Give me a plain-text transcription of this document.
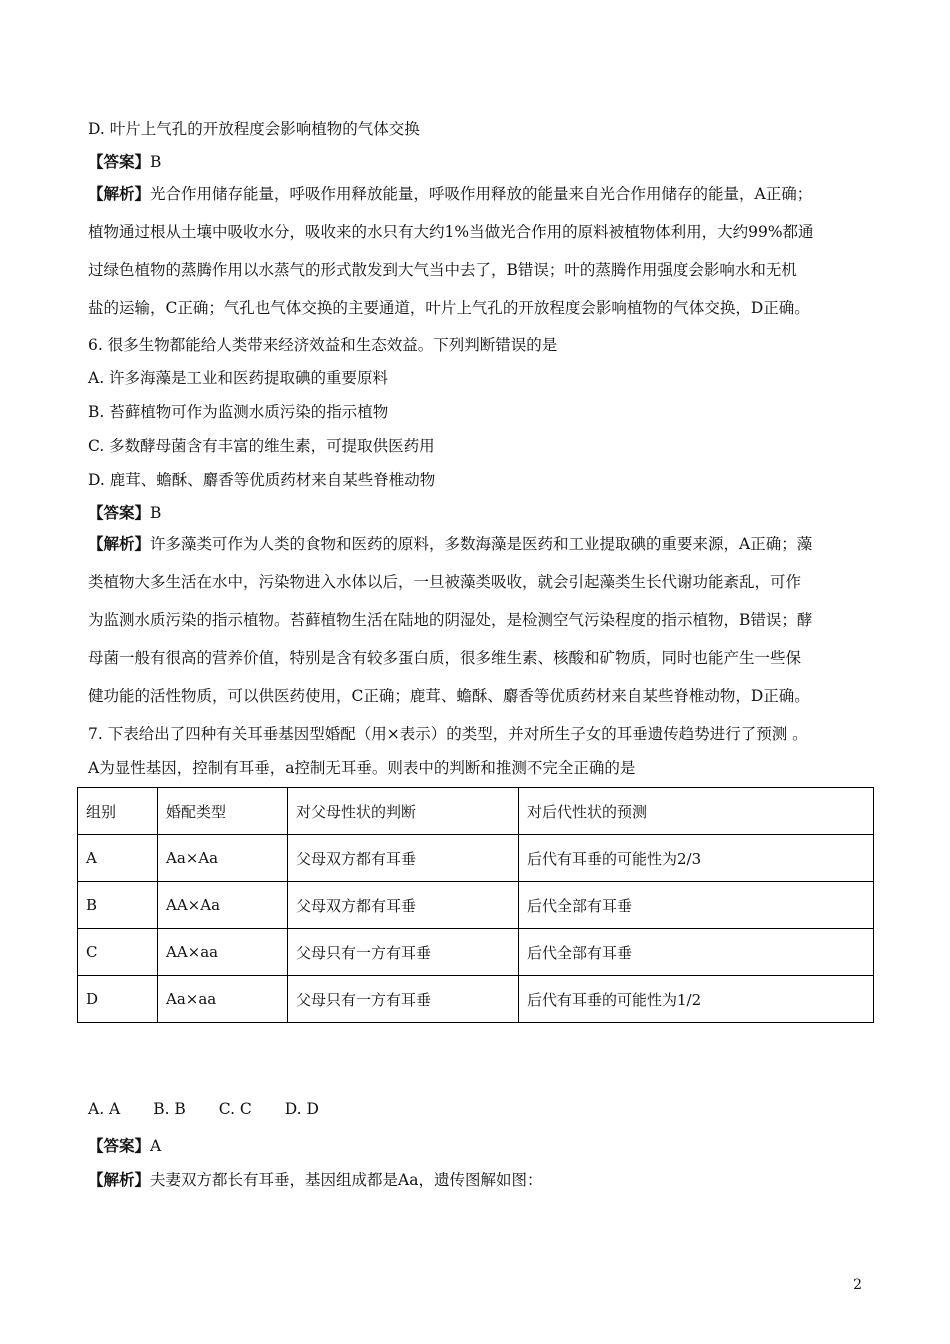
D. 叶片上气孔的开放程度会影响植物的气体交换
【答案】B
【解析】光合作用储存能量，呼吸作用释放能量，呼吸作用释放的能量来自光合作用储存的能量，A正确；
植物通过根从土壤中吸收水分，吸收来的水只有大约1%当做光合作用的原料被植物体利用，大约99%都通
过绿色植物的蒸腾作用以水蒸气的形式散发到大气当中去了，B错误；叶的蒸腾作用强度会影响水和无机
盐的运输，C正确；气孔也气体交换的主要通道，叶片上气孔的开放程度会影响植物的气体交换，D正确。
6. 很多生物都能给人类带来经济效益和生态效益。下列判断错误的是
A. 许多海藻是工业和医药提取碘的重要原料
B. 苔藓植物可作为监测水质污染的指示植物
C. 多数酵母菌含有丰富的维生素，可提取供医药用
D. 鹿茸、蟾酥、麝香等优质药材来自某些脊椎动物
【答案】B
【解析】许多藻类可作为人类的食物和医药的原料，多数海藻是医药和工业提取碘的重要来源，A正确；藻
类植物大多生活在水中，污染物进入水体以后，一旦被藻类吸收，就会引起藻类生长代谢功能紊乱，可作
为监测水质污染的指示植物。苔藓植物生活在陆地的阴湿处，是检测空气污染程度的指示植物，B错误；酵
母菌一般有很高的营养价值，特别是含有较多蛋白质，很多维生素、核酸和矿物质，同时也能产生一些保
健功能的活性物质，可以供医药使用，C正确；鹿茸、蟾酥、麝香等优质药材来自某些脊椎动物，D正确。
7. 下表给出了四种有关耳垂基因型婚配（用×表示）的类型，并对所生子女的耳垂遗传趋势进行了预测 。
A为显性基因，控制有耳垂，a控制无耳垂。则表中的判断和推测不完全正确的是
组别	婚配类型	对父母性状的判断	对后代性状的预测
A	Aa×Aa	父母双方都有耳垂	后代有耳垂的可能性为2/3
B	AA×Aa	父母双方都有耳垂	后代全部有耳垂
C	AA×aa	父母只有一方有耳垂	后代全部有耳垂
D	Aa×aa	父母只有一方有耳垂	后代有耳垂的可能性为1/2
A. A B. B C. C D. D
【答案】A
【解析】夫妻双方都长有耳垂，基因组成都是Aa，遗传图解如图：
2
